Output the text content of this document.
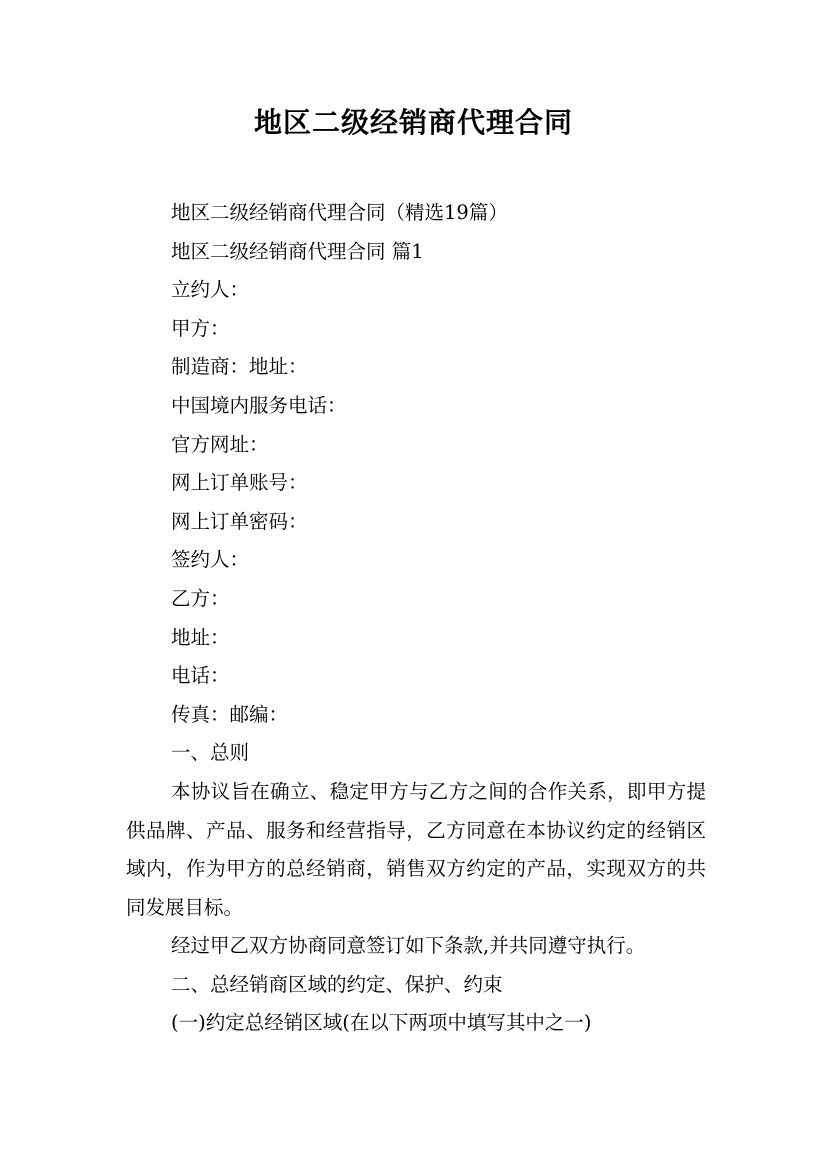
地区二级经销商代理合同

地区二级经销商代理合同（精选19篇）

地区二级经销商代理合同 篇1

立约人：

甲方：

制造商：地址：

中国境内服务电话：

官方网址：

网上订单账号：

网上订单密码：

签约人：

乙方：

地址：

电话：

传真：邮编：

一、总则

本协议旨在确立、稳定甲方与乙方之间的合作关系，即甲方提供品牌、产品、服务和经营指导，乙方同意在本协议约定的经销区域内，作为甲方的总经销商，销售双方约定的产品，实现双方的共同发展目标。

经过甲乙双方协商同意签订如下条款,并共同遵守执行。

二、总经销商区域的约定、保护、约束

(一)约定总经销区域(在以下两项中填写其中之一)
